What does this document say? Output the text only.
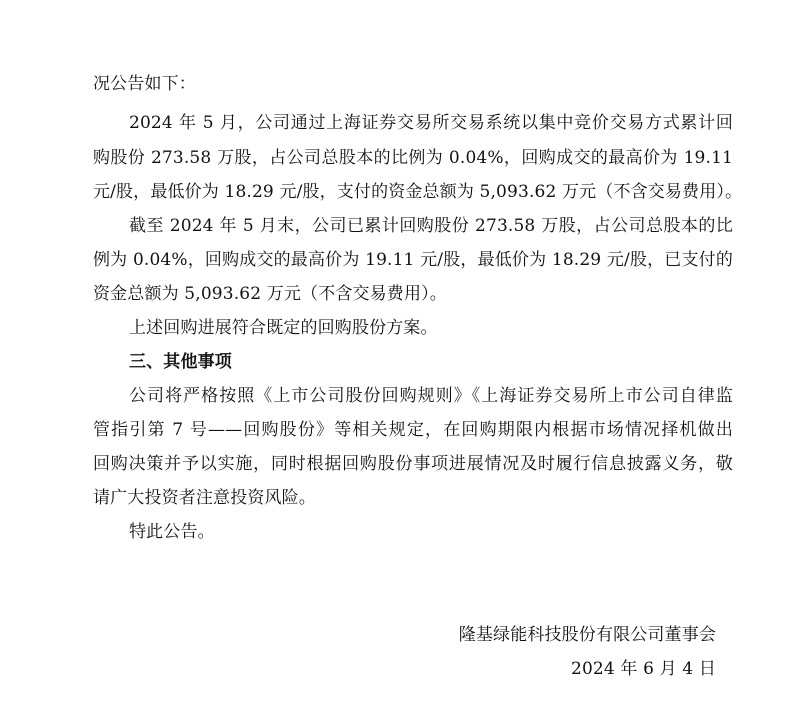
况公告如下：
2024 年 5 月，公司通过上海证券交易所交易系统以集中竞价交易方式累计回
购股份 273.58 万股，占公司总股本的比例为 0.04%，回购成交的最高价为 19.11
元/股，最低价为 18.29 元/股，支付的资金总额为 5,093.62 万元（不含交易费用）。
截至 2024 年 5 月末，公司已累计回购股份 273.58 万股，占公司总股本的比
例为 0.04%，回购成交的最高价为 19.11 元/股，最低价为 18.29 元/股，已支付的
资金总额为 5,093.62 万元（不含交易费用）。
上述回购进展符合既定的回购股份方案。
三、其他事项
公司将严格按照《上市公司股份回购规则》《上海证券交易所上市公司自律监
管指引第 7 号——回购股份》等相关规定，在回购期限内根据市场情况择机做出
回购决策并予以实施，同时根据回购股份事项进展情况及时履行信息披露义务，敬
请广大投资者注意投资风险。
特此公告。
隆基绿能科技股份有限公司董事会
2024 年 6 月 4 日
